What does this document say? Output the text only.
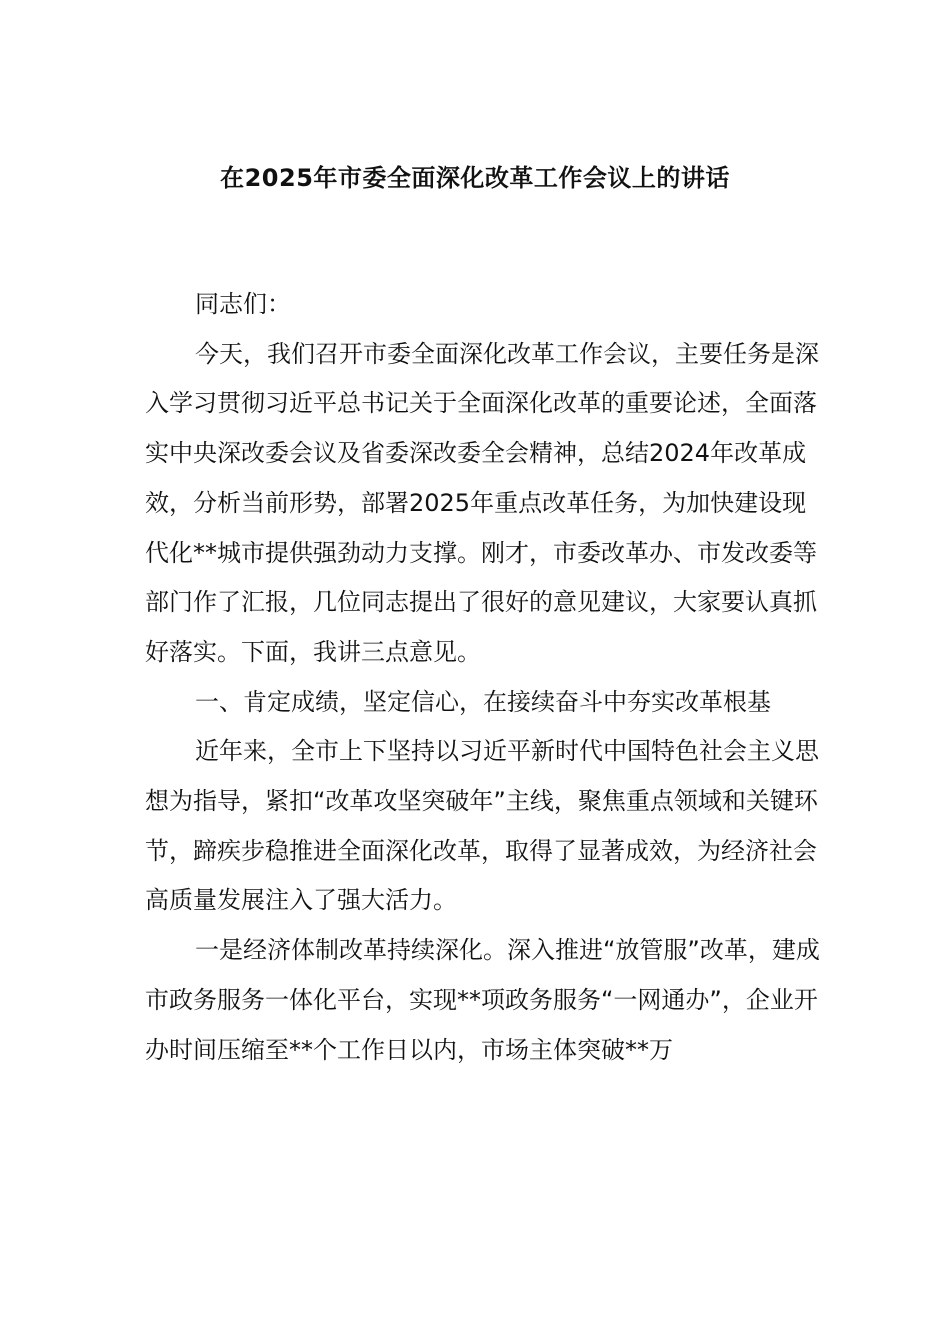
在2025年市委全面深化改革工作会议上的讲话

同志们：

今天，我们召开市委全面深化改革工作会议，主要任务是深入学习贯彻习近平总书记关于全面深化改革的重要论述，全面落实中央深改委会议及省委深改委全会精神，总结2024年改革成效，分析当前形势，部署2025年重点改革任务，为加快建设现代化**城市提供强劲动力支撑。刚才，市委改革办、市发改委等部门作了汇报，几位同志提出了很好的意见建议，大家要认真抓好落实。下面，我讲三点意见。

一、肯定成绩，坚定信心，在接续奋斗中夯实改革根基

近年来，全市上下坚持以习近平新时代中国特色社会主义思想为指导，紧扣“改革攻坚突破年”主线，聚焦重点领域和关键环节，蹄疾步稳推进全面深化改革，取得了显著成效，为经济社会高质量发展注入了强大活力。

一是经济体制改革持续深化。深入推进“放管服”改革，建成市政务服务一体化平台，实现**项政务服务“一网通办”，企业开办时间压缩至**个工作日以内，市场主体突破**万
